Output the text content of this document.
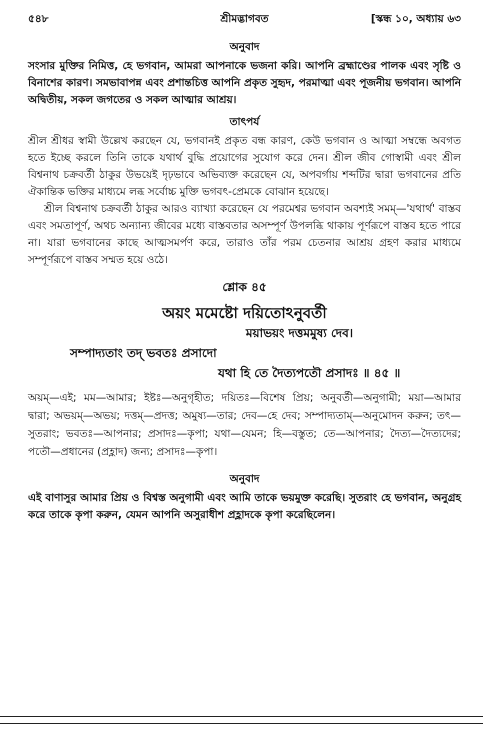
৫৪৮	শ্রীমদ্ভাগবত	[স্কন্ধ ১০, অধ্যায় ৬৩
অনুবাদ

সংসার মুক্তির নিমিত্ত, হে ভগবান, আমরা আপনাকে ভজনা করি। আপনি ব্রহ্মাণ্ডের পালক এবং সৃষ্টি ও বিনাশের কারণ। সমভাবাপন্ন এবং প্রশান্তচিত্ত আপনি প্রকৃত সুহৃদ, পরমাত্মা এবং পূজনীয় ভগবান। আপনি অদ্বিতীয়, সকল জগতের ও সকল আত্মার আশ্রয়।

তাৎপর্য

শ্রীল শ্রীধর স্বামী উল্লেখ করছেন যে, ভগবানই প্রকৃত বন্ধ কারণ, কেউ ভগবান ও আত্মা সম্বন্ধে অবগত হতে ইচ্ছে করলে তিনি তাকে যথার্থ বুদ্ধি প্রয়োগের সুযোগ করে দেন। শ্রীল জীব গোস্বামী এবং শ্রীল বিশ্বনাথ চক্রবর্তী ঠাকুর উভয়েই দৃঢ়ভাবে অভিব্যক্ত করেছেন যে, অপবর্গায় শব্দটির দ্বারা ভগবানের প্রতি ঐকান্তিক ভক্তির মাধ্যমে লব্ধ সর্বোচ্চ মুক্তি ভগবৎ-প্রেমকে বোঝান হয়েছে।

শ্রীল বিশ্বনাথ চক্রবর্তী ঠাকুর আরও ব্যাখ্যা করেছেন যে পরমেশ্বর ভগবান অবশ্যই সমম্—'যথার্থ' বাস্তব এবং সমতাপূর্ণ, অথচ অন্যান্য জীবের মধ্যে বাস্তবতার অসম্পূর্ণ উপলব্ধি থাকায় পূর্ণরূপে বাস্তব হতে পারে না। যারা ভগবানের কাছে আত্মসমর্পণ করে, তারাও তাঁর পরম চেতনার আশ্রয় গ্রহণ করার মাধ্যমে সম্পূর্ণরূপে বাস্তব সম্মত হয়ে ওঠে।

শ্লোক ৪৫
অয়ং মমেষ্টো দয়িতোঽনুবর্তী
ময়াভয়ং দত্তমমুষ্য দেব।
সম্পাদ্যতাং তদ্ ভবতঃ প্রসাদো
যথা হি তে দৈত্যপতৌ প্রসাদঃ ॥ ৪৫ ॥

অয়ম্—এই; মম—আমার; ইষ্টঃ—অনুগৃহীত; দয়িতঃ—বিশেষ প্রিয়; অনুবর্তী—অনুগামী; ময়া—আমার দ্বারা; অভয়ম্—অভয়; দত্তম্—প্রদত্ত; অমুষ্য—তার; দেব—হে দেব; সম্পাদ্যতাম্—অনুমোদন করুন; তৎ—সুতরাং; ভবতঃ—আপনার; প্রসাদঃ—কৃপা; যথা—যেমন; হি—বস্তুত; তে—আপনার; দৈত্য—দৈত্যদের; পতৌ—প্রধানের (প্রহ্লাদ) জন্য; প্রসাদঃ—কৃপা।

অনুবাদ

এই বাণাসুর আমার প্রিয় ও বিশ্বস্ত অনুগামী এবং আমি তাকে ভয়মুক্ত করেছি। সুতরাং হে ভগবান, অনুগ্রহ করে তাকে কৃপা করুন, যেমন আপনি অসুরাধীশ প্রহ্লাদকে কৃপা করেছিলেন।
